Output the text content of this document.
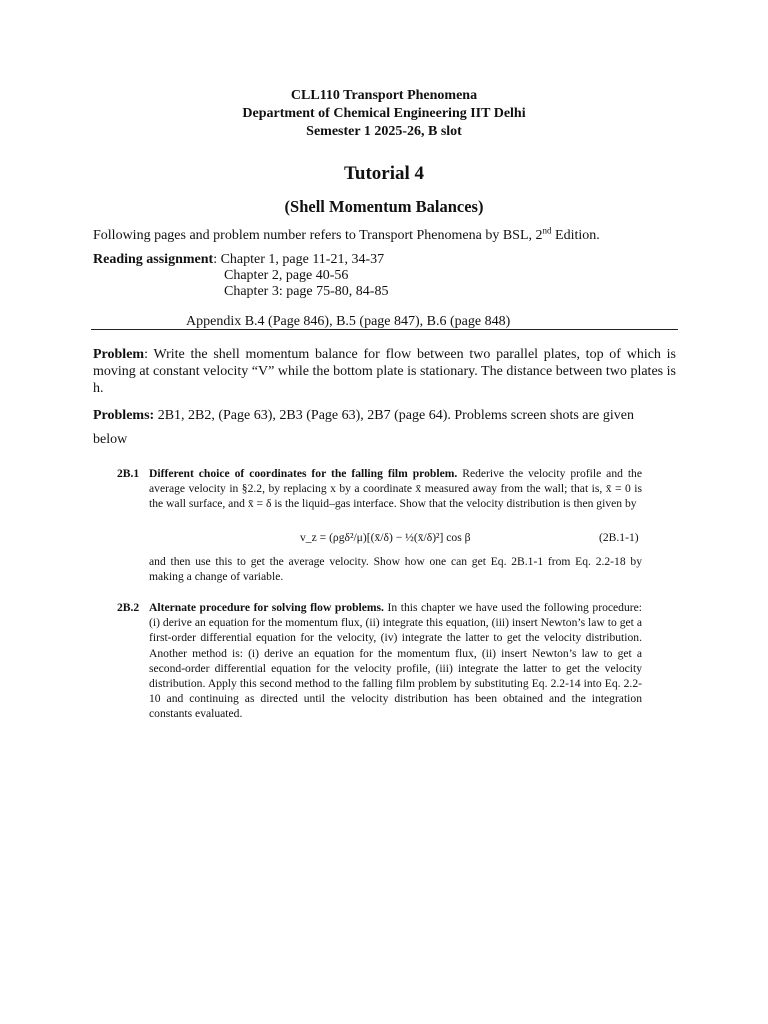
CLL110 Transport Phenomena
Department of Chemical Engineering IIT Delhi
Semester 1 2025-26, B slot
Tutorial 4
(Shell Momentum Balances)
Following pages and problem number refers to Transport Phenomena by BSL, 2nd Edition.
Reading assignment: Chapter 1, page 11-21, 34-37
Chapter 2, page 40-56
Chapter 3: page 75-80, 84-85
Appendix B.4 (Page 846), B.5 (page 847), B.6 (page 848)
Problem: Write the shell momentum balance for flow between two parallel plates, top of which is moving at constant velocity “V” while the bottom plate is stationary. The distance between two plates is h.
Problems: 2B1, 2B2, (Page 63), 2B3 (Page 63), 2B7 (page 64). Problems screen shots are given
below
2B.1 Different choice of coordinates for the falling film problem. Rederive the velocity profile and the average velocity in §2.2, by replacing x by a coordinate x̄ measured away from the wall; that is, x̄ = 0 is the wall surface, and x̄ = δ is the liquid–gas interface. Show that the velocity distribution is then given by
v_z = (ρgδ²/μ)[(x̄/δ) − ½(x̄/δ)²] cos β	(2B.1-1)
and then use this to get the average velocity. Show how one can get Eq. 2B.1-1 from Eq. 2.2-18 by making a change of variable.
2B.2 Alternate procedure for solving flow problems. In this chapter we have used the following procedure: (i) derive an equation for the momentum flux, (ii) integrate this equation, (iii) insert Newton’s law to get a first-order differential equation for the velocity, (iv) integrate the latter to get the velocity distribution. Another method is: (i) derive an equation for the momentum flux, (ii) insert Newton’s law to get a second-order differential equation for the velocity profile, (iii) integrate the latter to get the velocity distribution. Apply this second method to the falling film problem by substituting Eq. 2.2-14 into Eq. 2.2-10 and continuing as directed until the velocity distribution has been obtained and the integration constants evaluated.
